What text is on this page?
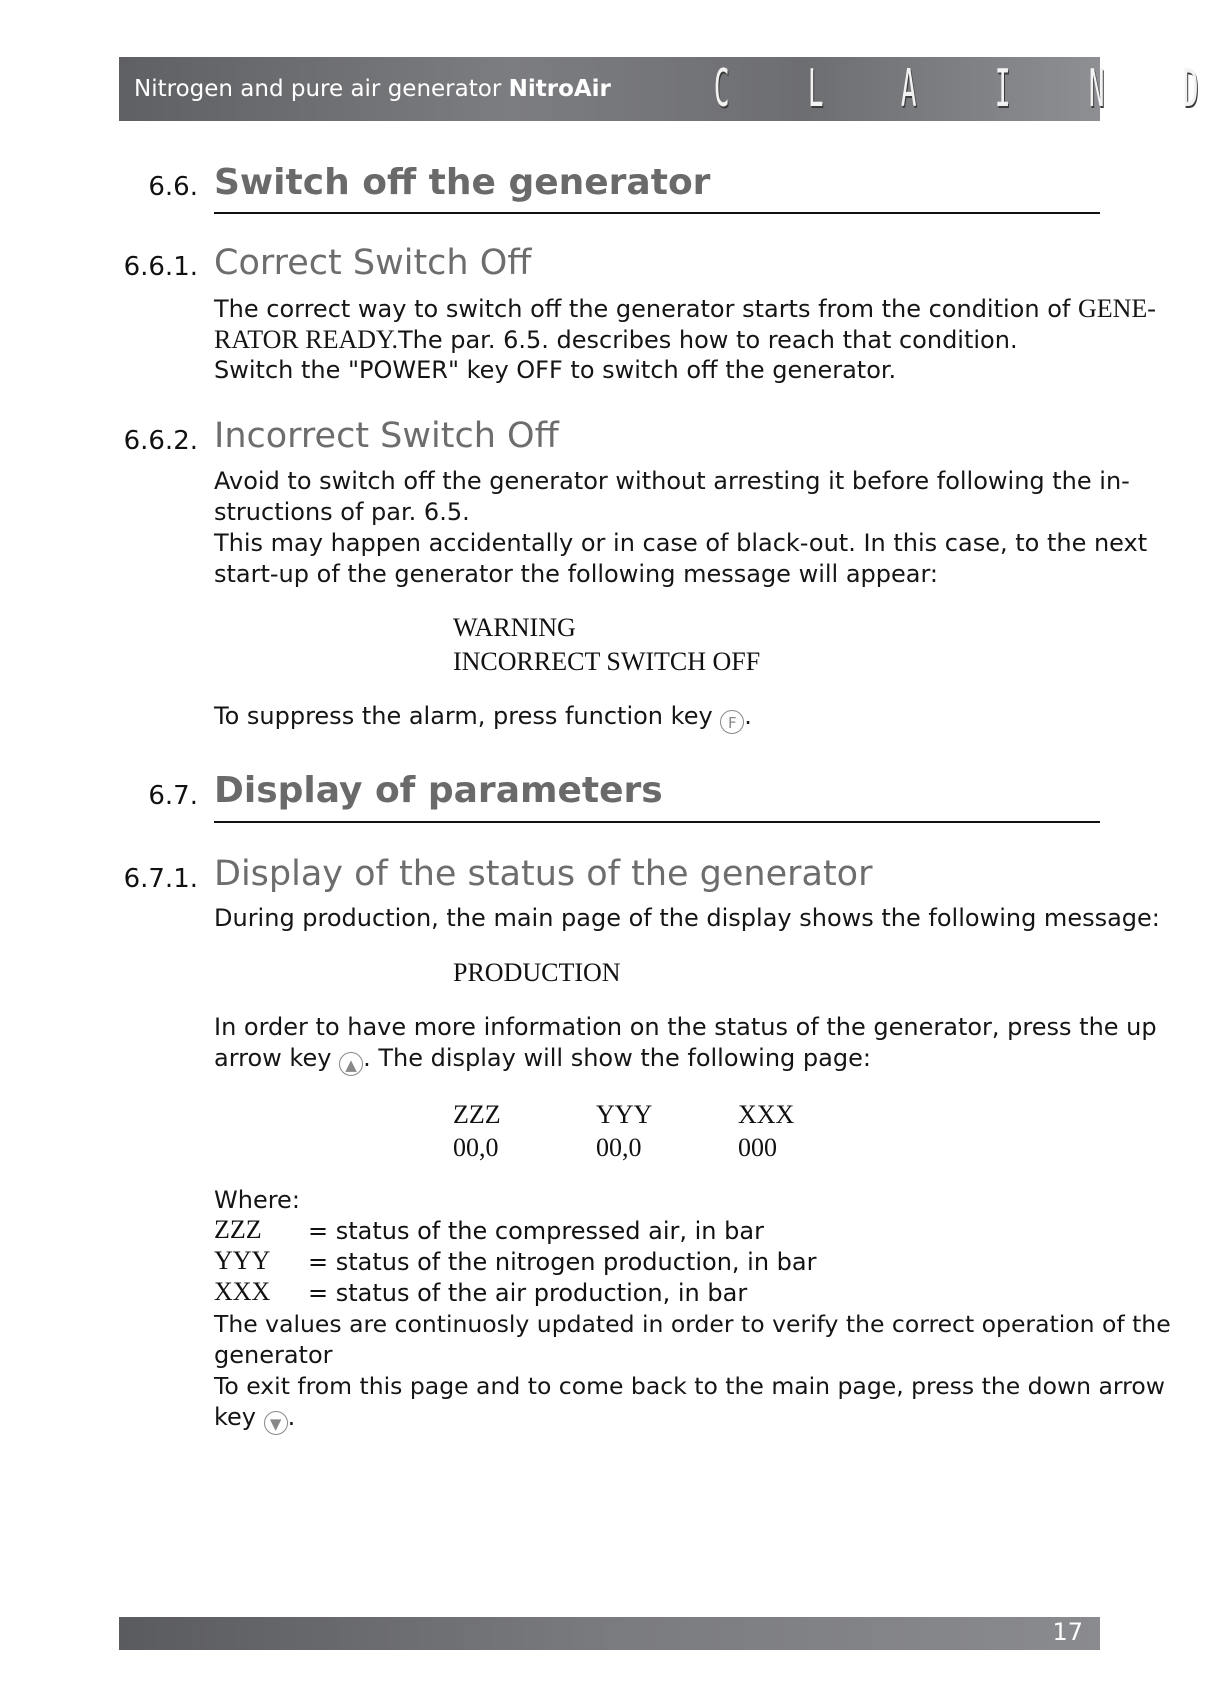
Nitrogen and pure air generator NitroAir C L A I N D
6.6. Switch off the generator
6.6.1. Correct Switch Off
The correct way to switch off the generator starts from the condition of GENE-
RATOR READY.The par. 6.5. describes how to reach that condition.
Switch the "POWER" key OFF to switch off the generator.
6.6.2. Incorrect Switch Off
Avoid to switch off the generator without arresting it before following the in-
structions of par. 6.5.
This may happen accidentally or in case of black-out. In this case, to the next
start-up of the generator the following message will appear:
WARNING
INCORRECT SWITCH OFF
To suppress the alarm, press function key F .
6.7. Display of parameters
6.7.1. Display of the status of the generator
During production, the main page of the display shows the following message:
PRODUCTION
In order to have more information on the status of the generator, press the up
arrow key ▲ . The display will show the following page:
ZZZ	YYY	XXX
00,0	00,0	000
Where:
ZZZ = status of the compressed air, in bar
YYY = status of the nitrogen production, in bar
XXX = status of the air production, in bar
The values are continuosly updated in order to verify the correct operation of the
generator
To exit from this page and to come back to the main page, press the down arrow
key ▼ .
17
